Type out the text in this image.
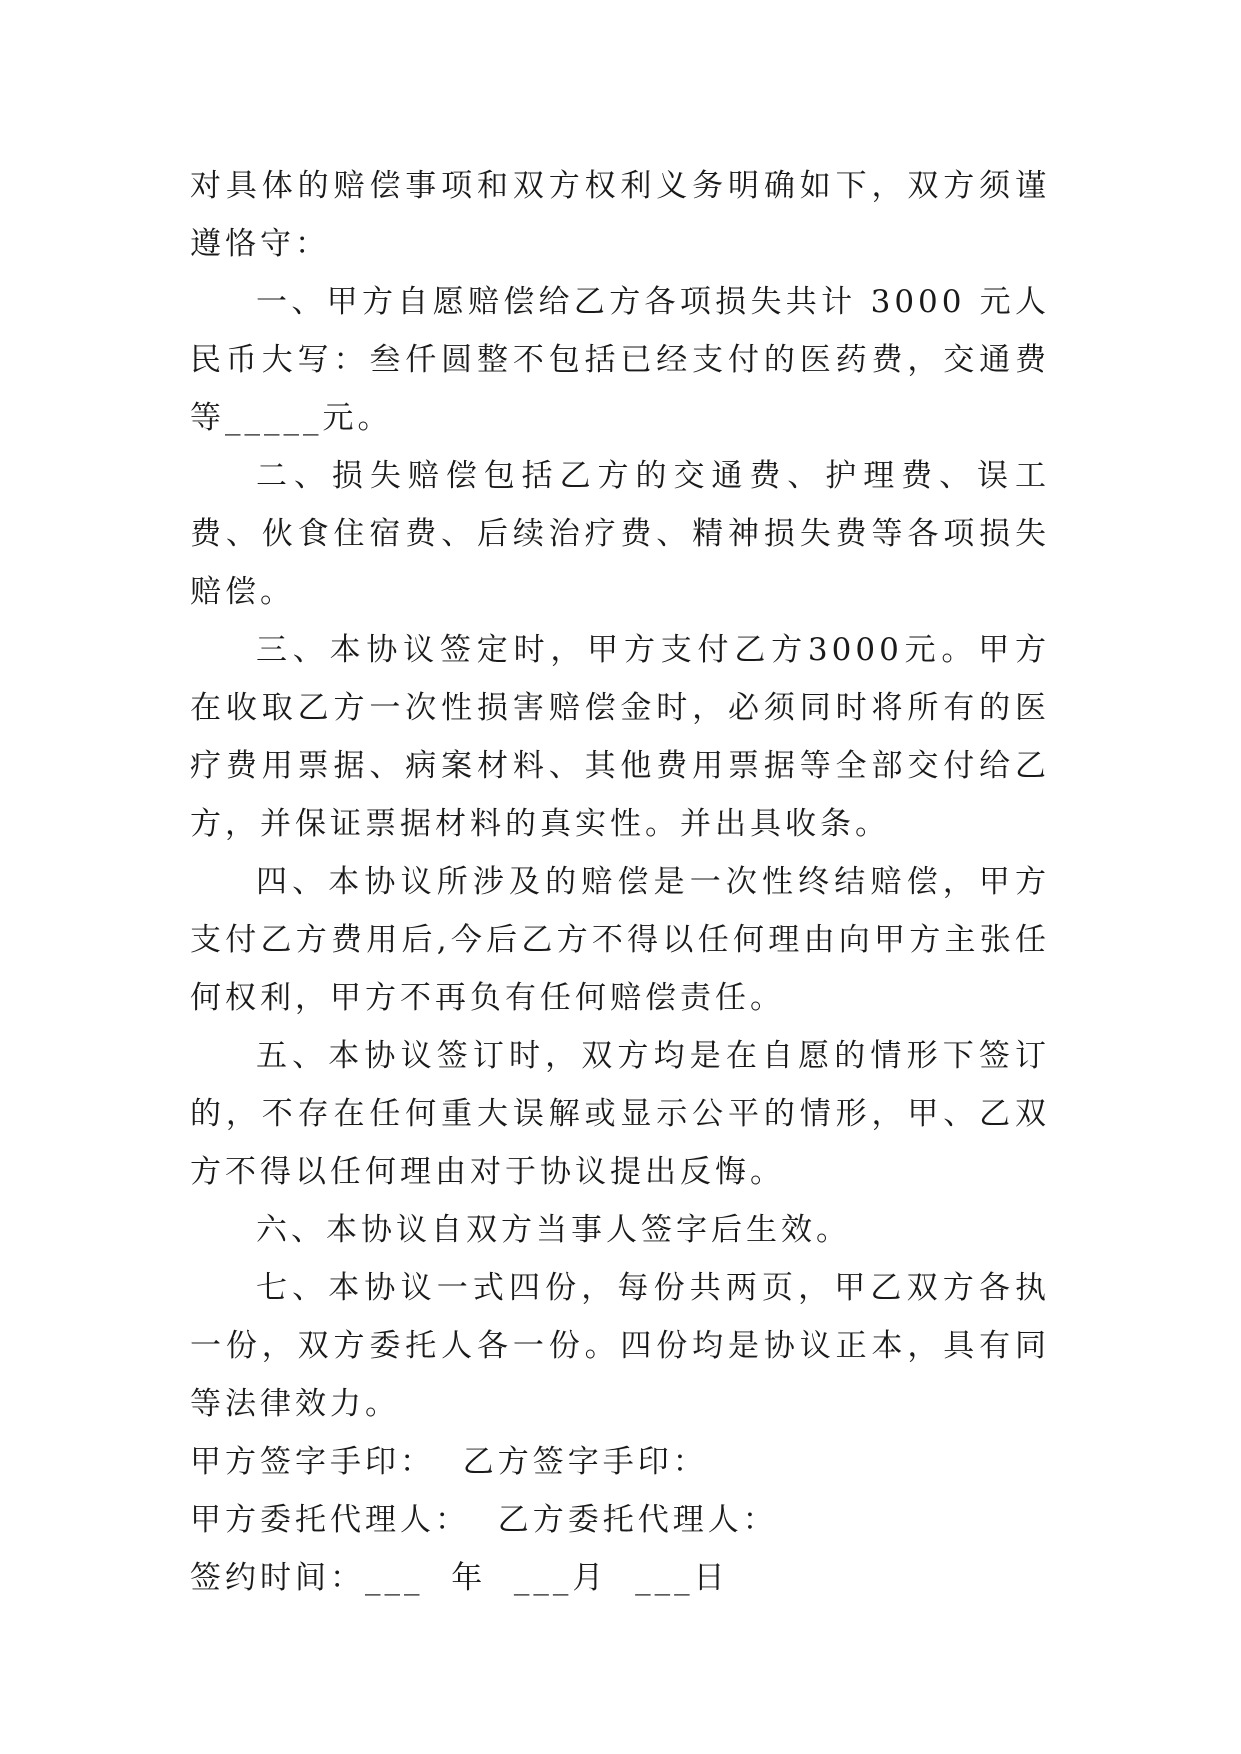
对具体的赔偿事项和双方权利义务明确如下，双方须谨遵恪守：

一、甲方自愿赔偿给乙方各项损失共计 3000 元人民币大写：叁仟圆整不包括已经支付的医药费，交通费等_____元。

二、损失赔偿包括乙方的交通费、护理费、误工费、伙食住宿费、后续治疗费、精神损失费等各项损失赔偿。

三、本协议签定时，甲方支付乙方3000元。甲方在收取乙方一次性损害赔偿金时，必须同时将所有的医疗费用票据、病案材料、其他费用票据等全部交付给乙方，并保证票据材料的真实性。并出具收条。

四、本协议所涉及的赔偿是一次性终结赔偿，甲方支付乙方费用后,今后乙方不得以任何理由向甲方主张任何权利，甲方不再负有任何赔偿责任。

五、本协议签订时，双方均是在自愿的情形下签订的，不存在任何重大误解或显示公平的情形，甲、乙双方不得以任何理由对于协议提出反悔。

六、本协议自双方当事人签字后生效。

七、本协议一式四份，每份共两页，甲乙双方各执一份，双方委托人各一份。四份均是协议正本，具有同等法律效力。

甲方签字手印：  乙方签字手印：

甲方委托代理人：  乙方委托代理人：

签约时间：___  年  ___月  ___日
